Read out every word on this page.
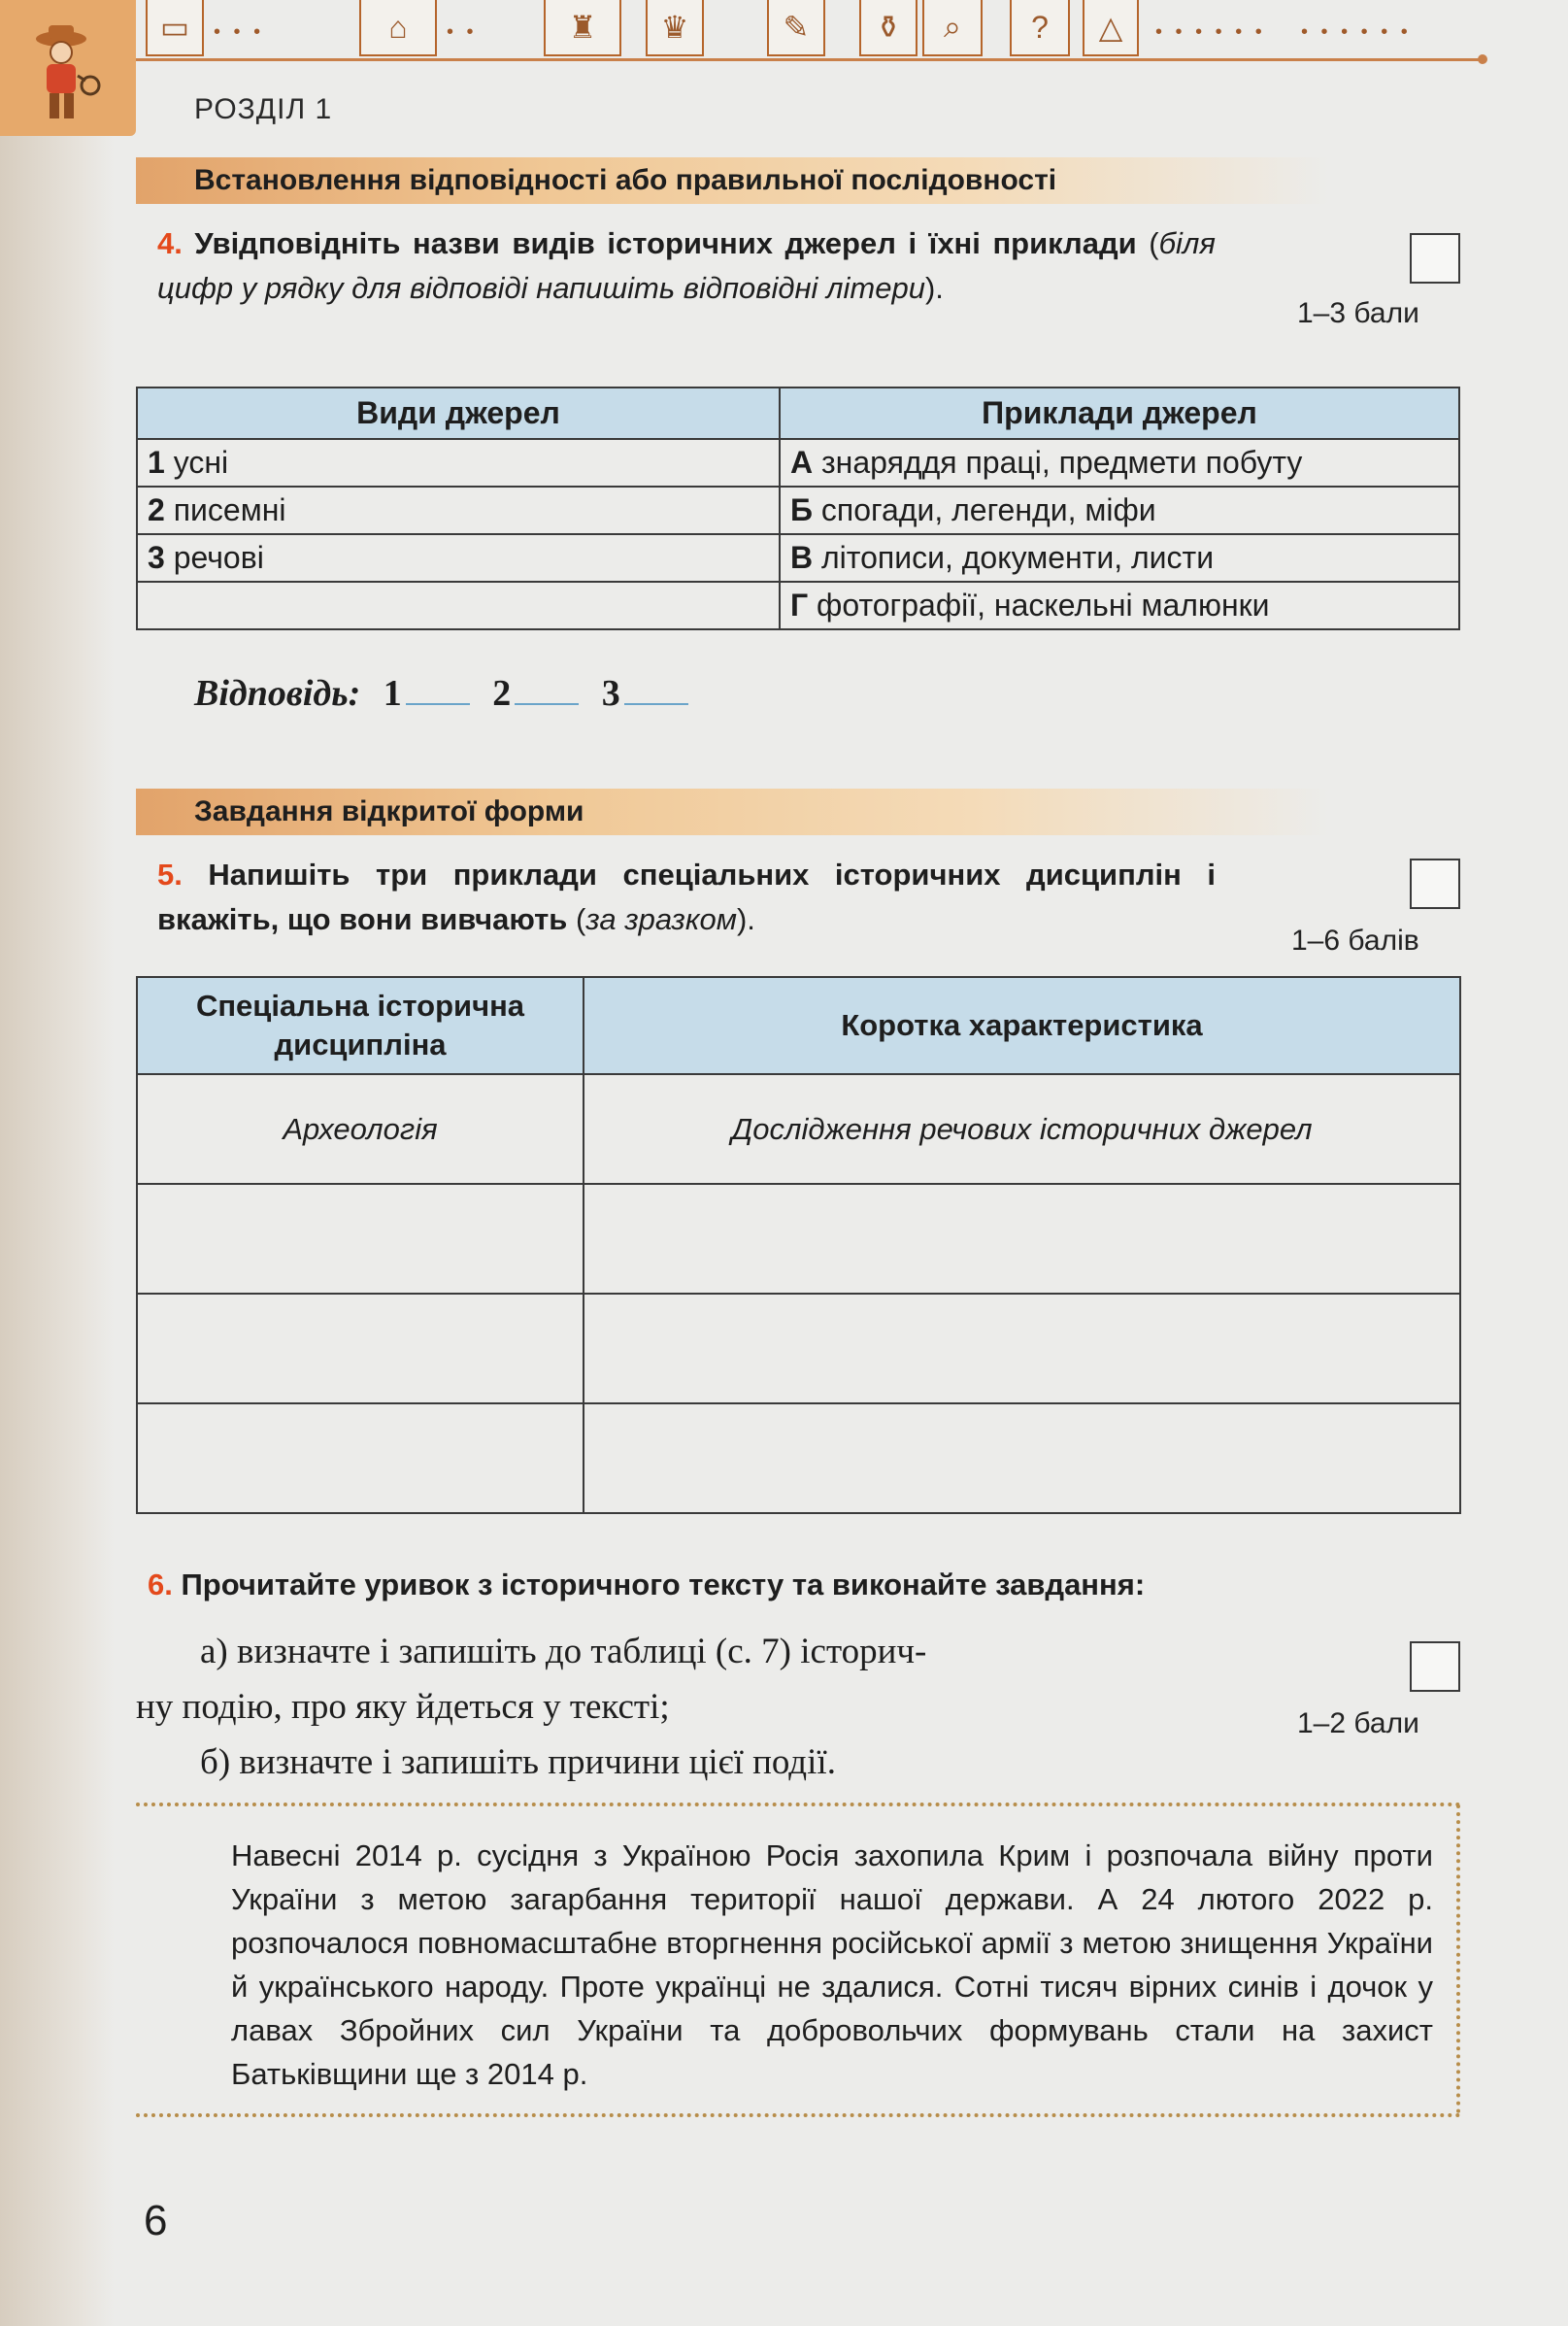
▭	• • •	⌂	• •	♜	♛	✎	⚱	⌕	?	△	• • • • • • • • • • • •
РОЗДІЛ 1
Встановлення відповідності або правильної послідовності
4. Увідповідніть назви видів історичних джерел і їхні приклади (біля цифр у рядку для відповіді напишіть відповідні літери).
1–3 бали
Види джерел	Приклади джерел
1 усні	А знаряддя праці, предмети побуту
2 писемні	Б спогади, легенди, міфи
3 речові	В літописи, документи, листи
	Г фотографії, наскельні малюнки
Відповідь: 1 2 3
Завдання відкритої форми
5. Напишіть три приклади спеціальних історичних дисциплін і вкажіть, що вони вивчають (за зразком).
1–6 балів
Спеціальна історична дисципліна	Коротка характеристика
Археологія	Дослідження речових історичних джерел

6. Прочитайте уривок з історичного тексту та виконайте завдання:
а) визначте і запишіть до таблиці (с. 7) історич-
ну подію, про яку йдеться у тексті;
б) визначте і запишіть причини цієї події.
1–2 бали

Навесні 2014 р. сусідня з Україною Росія захопила Крим і розпочала війну проти України з метою загарбання території нашої держави. А 24 лютого 2022 р. розпочалося повномасштабне вторгнення російської армії з метою знищення України й українського народу. Проте українці не здалися. Сотні тисяч вірних синів і дочок у лавах Збройних сил України та добровольчих формувань стали на захист Батьківщини ще з 2014 р.

6
